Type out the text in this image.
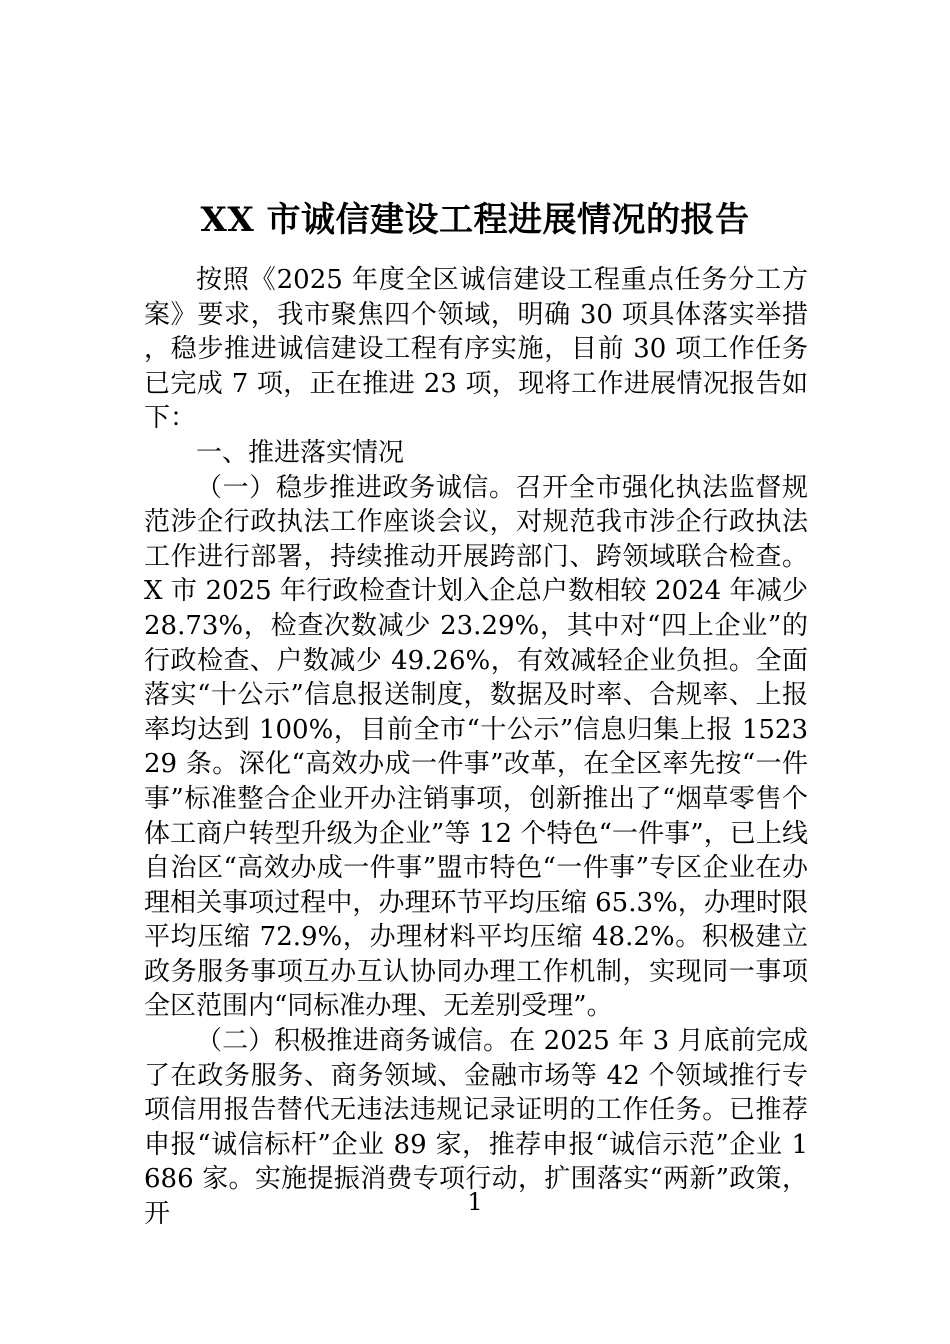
XX 市诚信建设工程进展情况的报告

按照《2025 年度全区诚信建设工程重点任务分工方案》要求，我市聚焦四个领域，明确 30 项具体落实举措，稳步推进诚信建设工程有序实施，目前 30 项工作任务已完成 7 项，正在推进 23 项，现将工作进展情况报告如下：

一、推进落实情况

（一）稳步推进政务诚信。召开全市强化执法监督规范涉企行政执法工作座谈会议，对规范我市涉企行政执法工作进行部署，持续推动开展跨部门、跨领域联合检查。X 市 2025 年行政检查计划入企总户数相较 2024 年减少 28.73%，检查次数减少 23.29%，其中对“四上企业”的行政检查、户数减少 49.26%，有效减轻企业负担。全面落实“十公示”信息报送制度，数据及时率、合规率、上报率均达到 100%，目前全市“十公示”信息归集上报 152329 条。深化“高效办成一件事”改革，在全区率先按“一件事”标准整合企业开办注销事项，创新推出了“烟草零售个体工商户转型升级为企业”等 12 个特色“一件事”，已上线自治区“高效办成一件事”盟市特色“一件事”专区企业在办理相关事项过程中，办理环节平均压缩 65.3%，办理时限平均压缩 72.9%，办理材料平均压缩 48.2%。积极建立政务服务事项互办互认协同办理工作机制，实现同一事项全区范围内“同标准办理、无差别受理”。

（二）积极推进商务诚信。在 2025 年 3 月底前完成了在政务服务、商务领域、金融市场等 42 个领域推行专项信用报告替代无违法违规记录证明的工作任务。已推荐申报“诚信标杆”企业 89 家，推荐申报“诚信示范”企业 1686 家。实施提振消费专项行动，扩围落实“两新”政策，开	1
